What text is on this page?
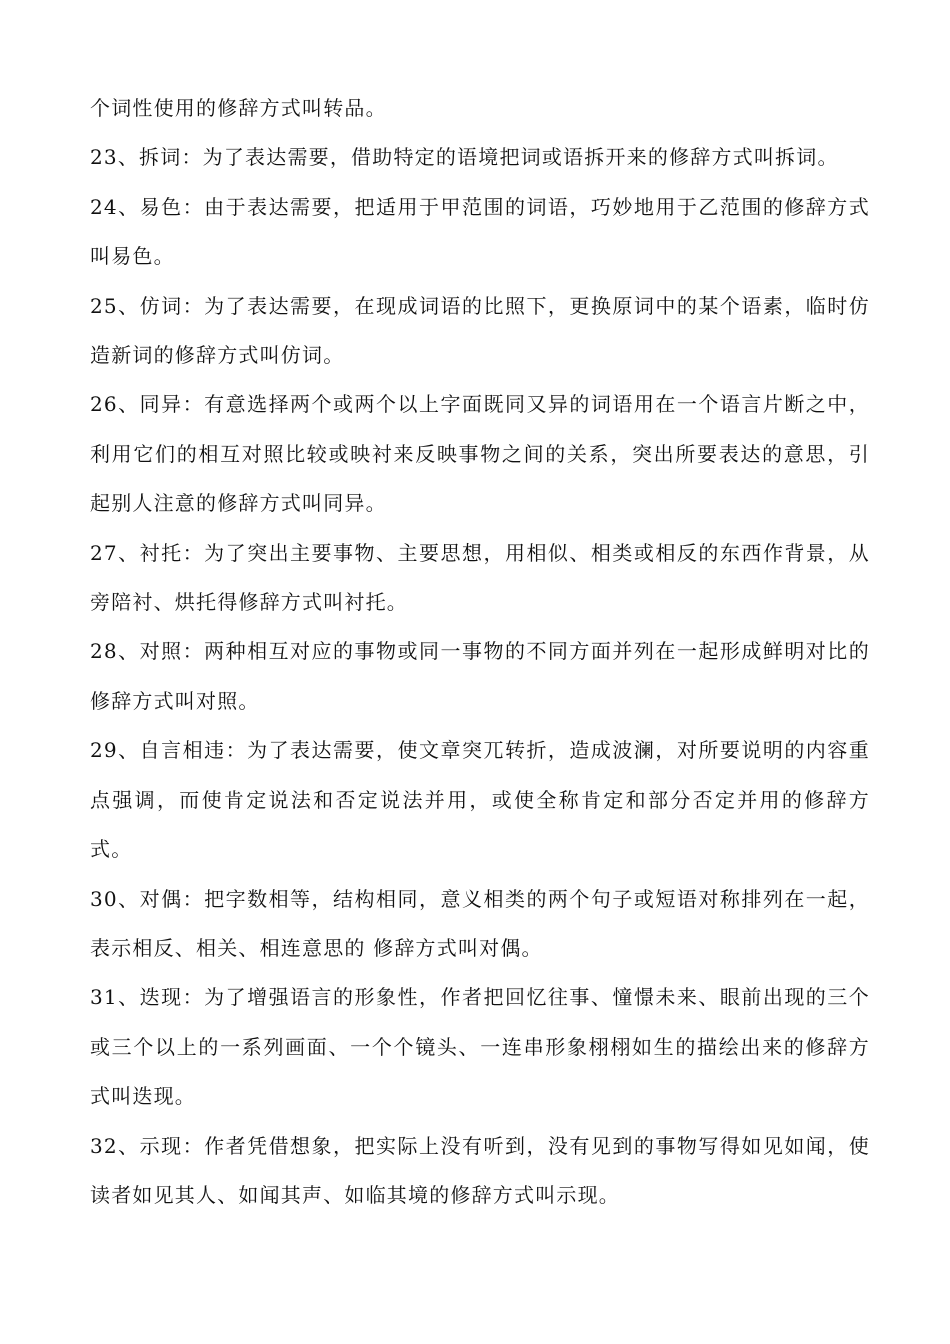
个词性使用的修辞方式叫转品。

23、拆词：为了表达需要，借助特定的语境把词或语拆开来的修辞方式叫拆词。

24、易色：由于表达需要，把适用于甲范围的词语，巧妙地用于乙范围的修辞方式叫易色。

25、仿词：为了表达需要，在现成词语的比照下，更换原词中的某个语素，临时仿造新词的修辞方式叫仿词。

26、同异：有意选择两个或两个以上字面既同又异的词语用在一个语言片断之中，利用它们的相互对照比较或映衬来反映事物之间的关系，突出所要表达的意思，引起别人注意的修辞方式叫同异。

27、衬托：为了突出主要事物、主要思想，用相似、相类或相反的东西作背景，从旁陪衬、烘托得修辞方式叫衬托。

28、对照：两种相互对应的事物或同一事物的不同方面并列在一起形成鲜明对比的修辞方式叫对照。

29、自言相违：为了表达需要，使文章突兀转折，造成波澜，对所要说明的内容重点强调，而使肯定说法和否定说法并用，或使全称肯定和部分否定并用的修辞方式。

30、对偶：把字数相等，结构相同，意义相类的两个句子或短语对称排列在一起，表示相反、相关、相连意思的 修辞方式叫对偶。

31、迭现：为了增强语言的形象性，作者把回忆往事、憧憬未来、眼前出现的三个或三个以上的一系列画面、一个个镜头、一连串形象栩栩如生的描绘出来的修辞方式叫迭现。

32、示现：作者凭借想象，把实际上没有听到，没有见到的事物写得如见如闻，使读者如见其人、如闻其声、如临其境的修辞方式叫示现。
